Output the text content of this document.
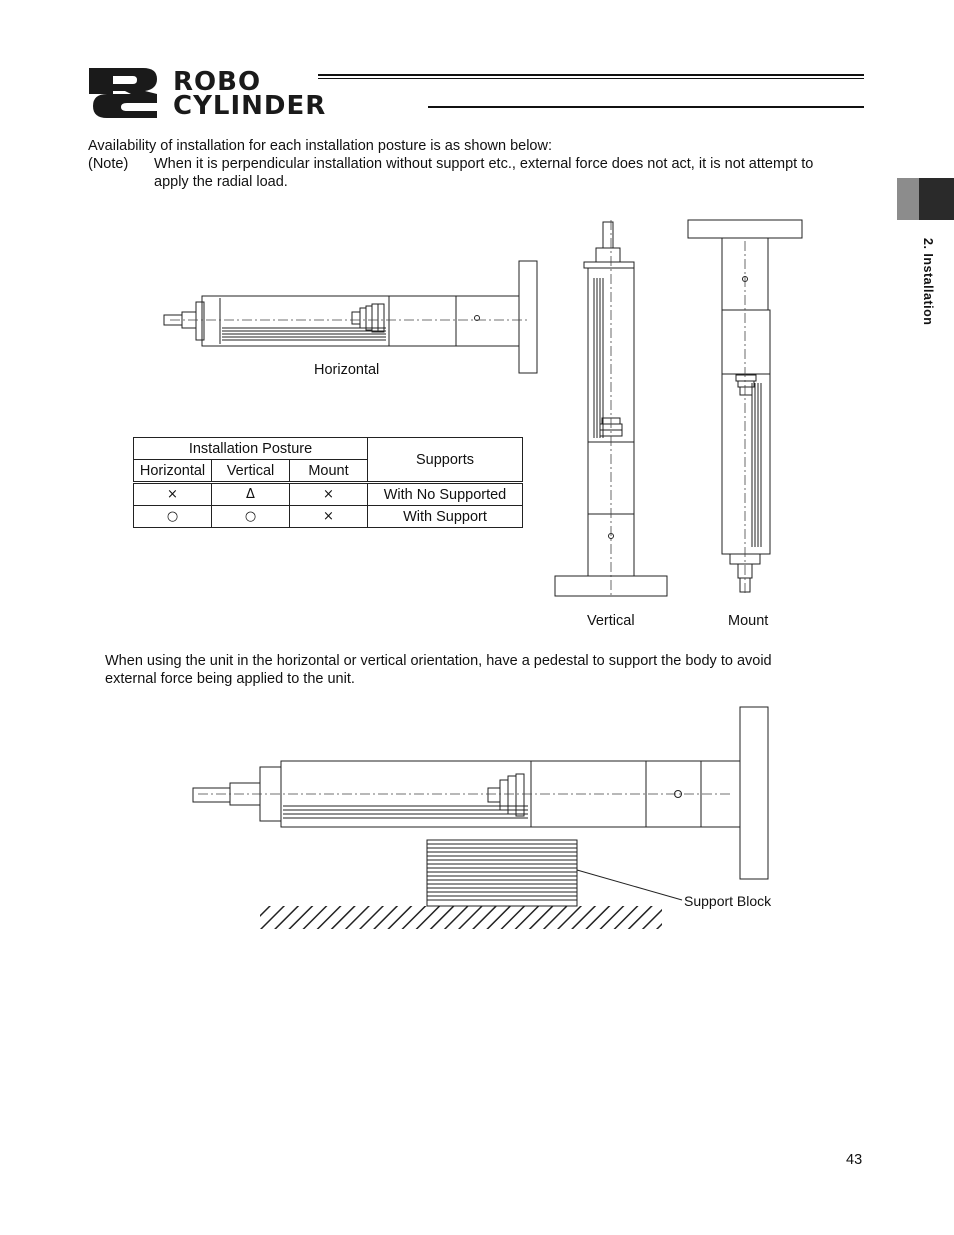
ROBO
CYLINDER
2. Installation
Availability of installation for each installation posture is as shown below:
(Note) When it is perpendicular installation without support etc., external force does not act, it is not attempt to
apply the radial load.
Horizontal
Vertical	Mount
Installation Posture			Supports
Horizontal	Vertical	Mount	
×	Δ	×	With No Supported
○	○	×	With Support
When using the unit in the horizontal or vertical orientation, have a pedestal to support the body to avoid
external force being applied to the unit.
Support Block
43
